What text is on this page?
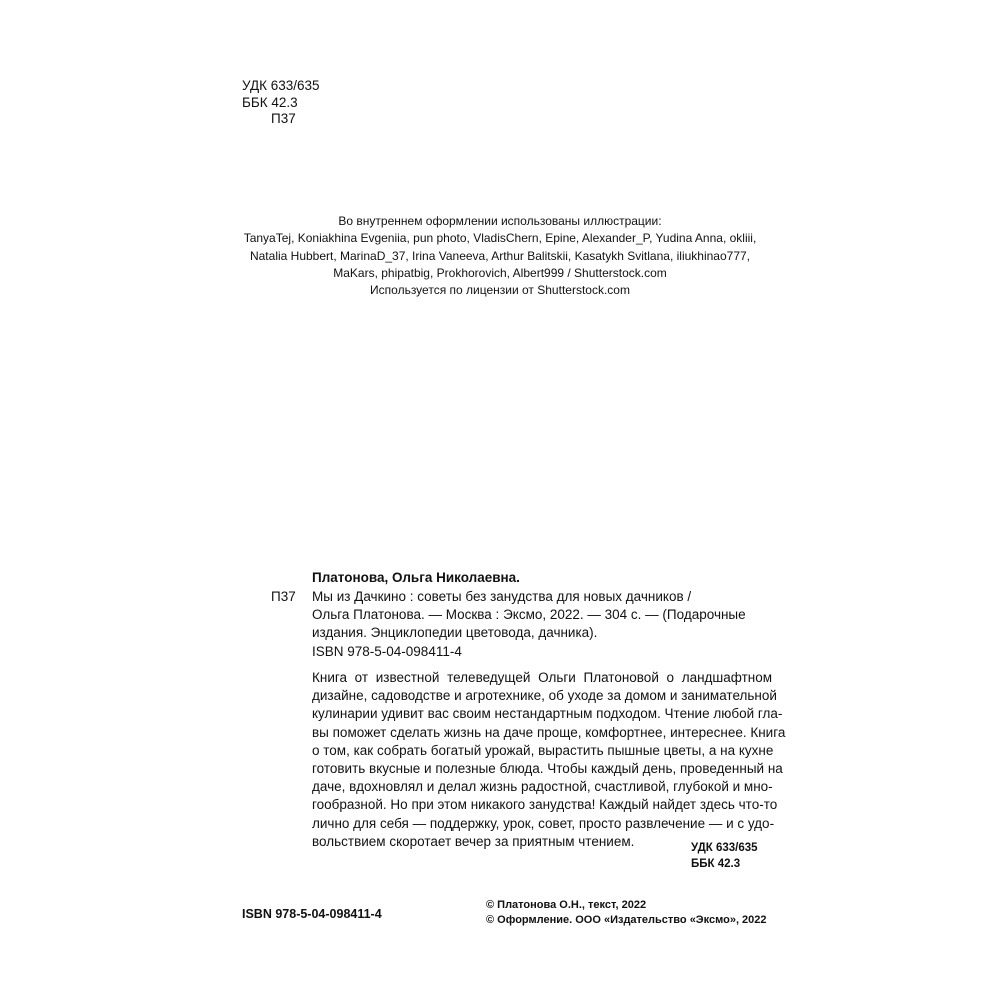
УДК 633/635
ББК 42.3
П37
Во внутреннем оформлении использованы иллюстрации:
TanyaTej, Koniakhina Evgeniia, pun photo, VladisChern, Epine, Alexander_P, Yudina Anna, okliii,
Natalia Hubbert, MarinaD_37, Irina Vaneeva, Arthur Balitskii, Kasatykh Svitlana, iliukhinao777,
MaKars, phipatbig, Prokhorovich, Albert999 / Shutterstock.com
Используется по лицензии от Shutterstock.com
Платонова, Ольга Николаевна.
П37 Мы из Дачкино : советы без занудства для новых дачников /
Ольга Платонова. — Москва : Эксмо, 2022. — 304 с. — (Подарочные
издания. Энциклопедии цветовода, дачника).
ISBN 978-5-04-098411-4
Книга от известной телеведущей Ольги Платоновой о ландшафтном
дизайне, садоводстве и агротехнике, об уходе за домом и занимательной
кулинарии удивит вас своим нестандартным подходом. Чтение любой гла-
вы поможет сделать жизнь на даче проще, комфортнее, интереснее. Книга
о том, как собрать богатый урожай, вырастить пышные цветы, а на кухне
готовить вкусные и полезные блюда. Чтобы каждый день, проведенный на
даче, вдохновлял и делал жизнь радостной, счастливой, глубокой и мно-
гообразной. Но при этом никакого занудства! Каждый найдет здесь что-то
лично для себя — поддержку, урок, совет, просто развлечение — и с удо-
вольствием скоротает вечер за приятным чтением.	УДК 633/635
ББК 42.3
ISBN 978-5-04-098411-4
© Платонова О.Н., текст, 2022
© Оформление. ООО «Издательство «Эксмо», 2022
